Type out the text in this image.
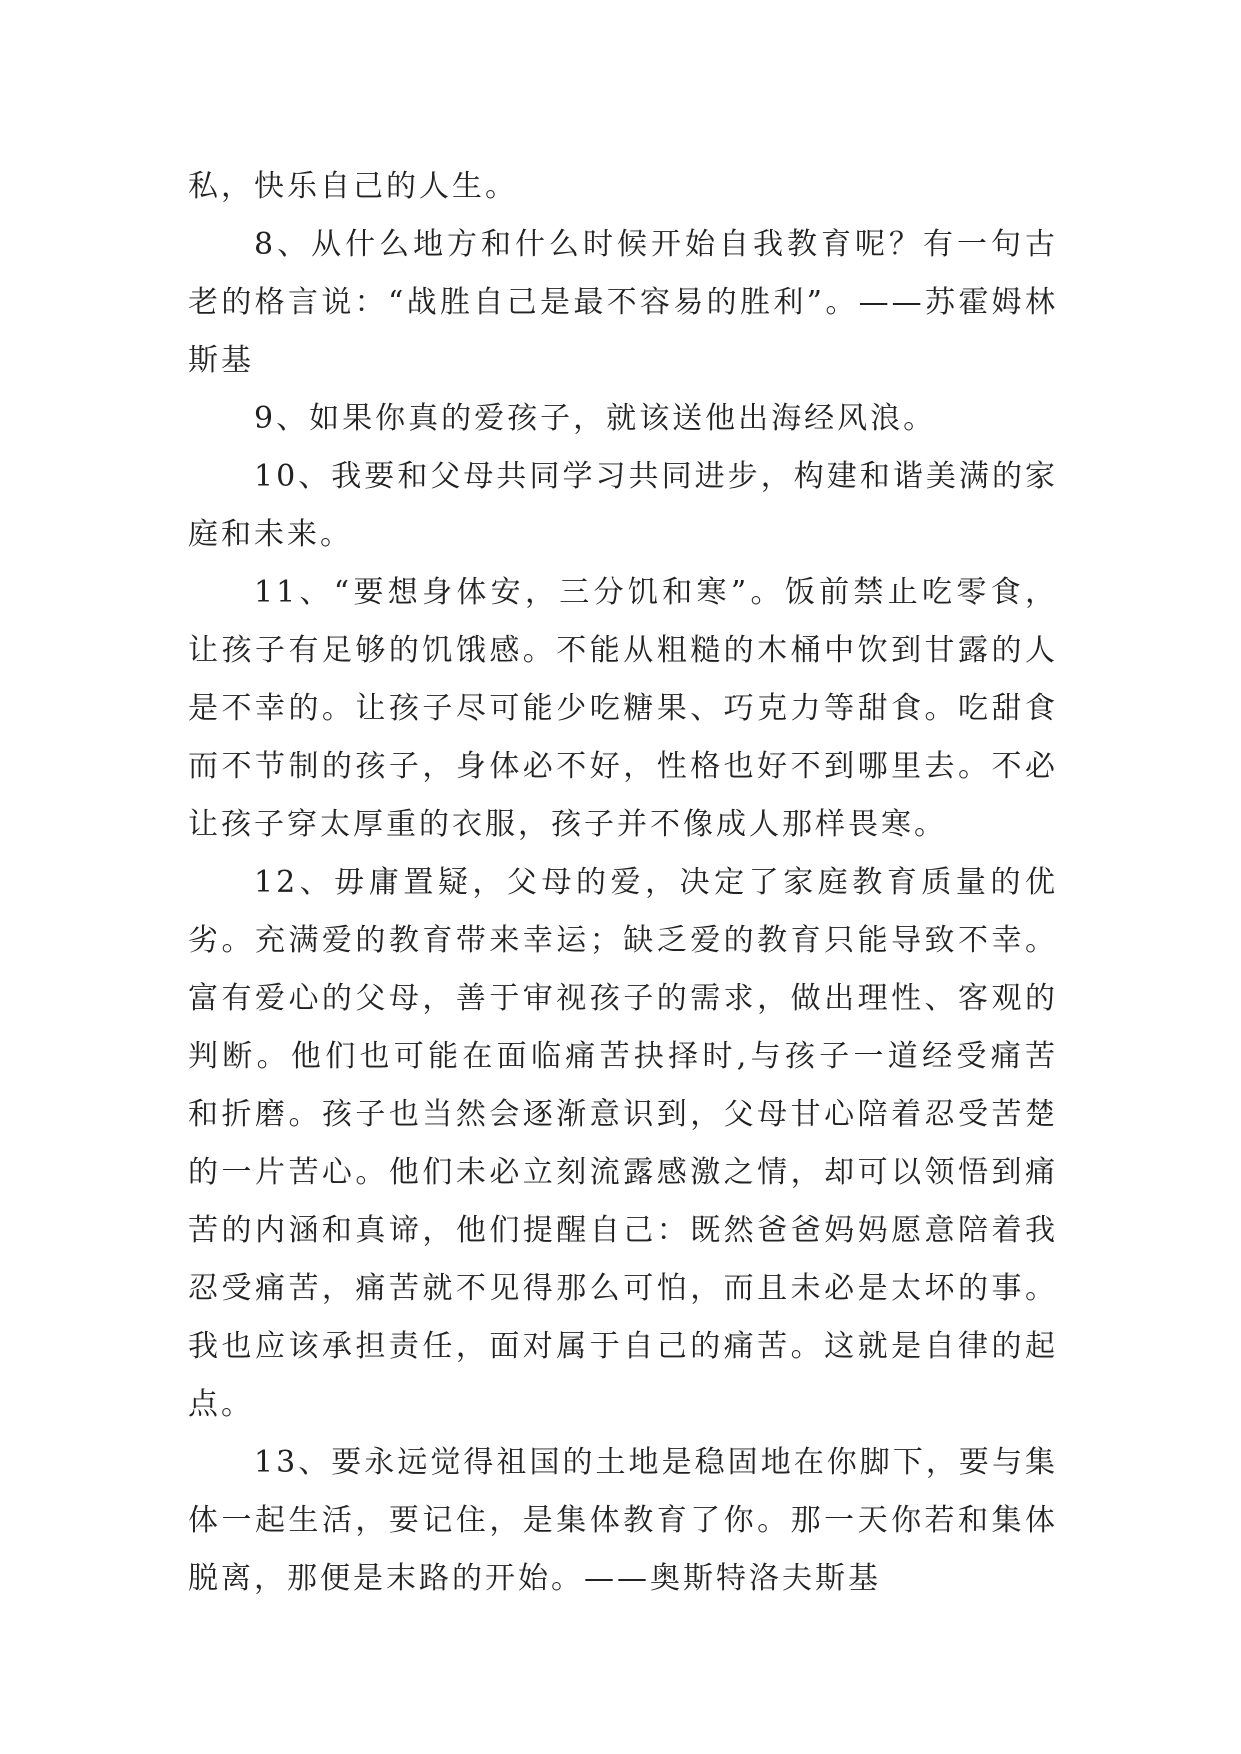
私，快乐自己的人生。

8、从什么地方和什么时候开始自我教育呢？有一句古老的格言说：“战胜自己是最不容易的胜利”。——苏霍姆林斯基

9、如果你真的爱孩子，就该送他出海经风浪。

10、我要和父母共同学习共同进步，构建和谐美满的家庭和未来。

11、“要想身体安，三分饥和寒”。饭前禁止吃零食，让孩子有足够的饥饿感。不能从粗糙的木桶中饮到甘露的人是不幸的。让孩子尽可能少吃糖果、巧克力等甜食。吃甜食而不节制的孩子，身体必不好，性格也好不到哪里去。不必让孩子穿太厚重的衣服，孩子并不像成人那样畏寒。

12、毋庸置疑，父母的爱，决定了家庭教育质量的优劣。充满爱的教育带来幸运；缺乏爱的教育只能导致不幸。富有爱心的父母，善于审视孩子的需求，做出理性、客观的判断。他们也可能在面临痛苦抉择时,与孩子一道经受痛苦和折磨。孩子也当然会逐渐意识到，父母甘心陪着忍受苦楚的一片苦心。他们未必立刻流露感激之情，却可以领悟到痛苦的内涵和真谛，他们提醒自己：既然爸爸妈妈愿意陪着我忍受痛苦，痛苦就不见得那么可怕，而且未必是太坏的事。我也应该承担责任，面对属于自己的痛苦。这就是自律的起点。

13、要永远觉得祖国的土地是稳固地在你脚下，要与集体一起生活，要记住，是集体教育了你。那一天你若和集体脱离，那便是末路的开始。——奥斯特洛夫斯基
